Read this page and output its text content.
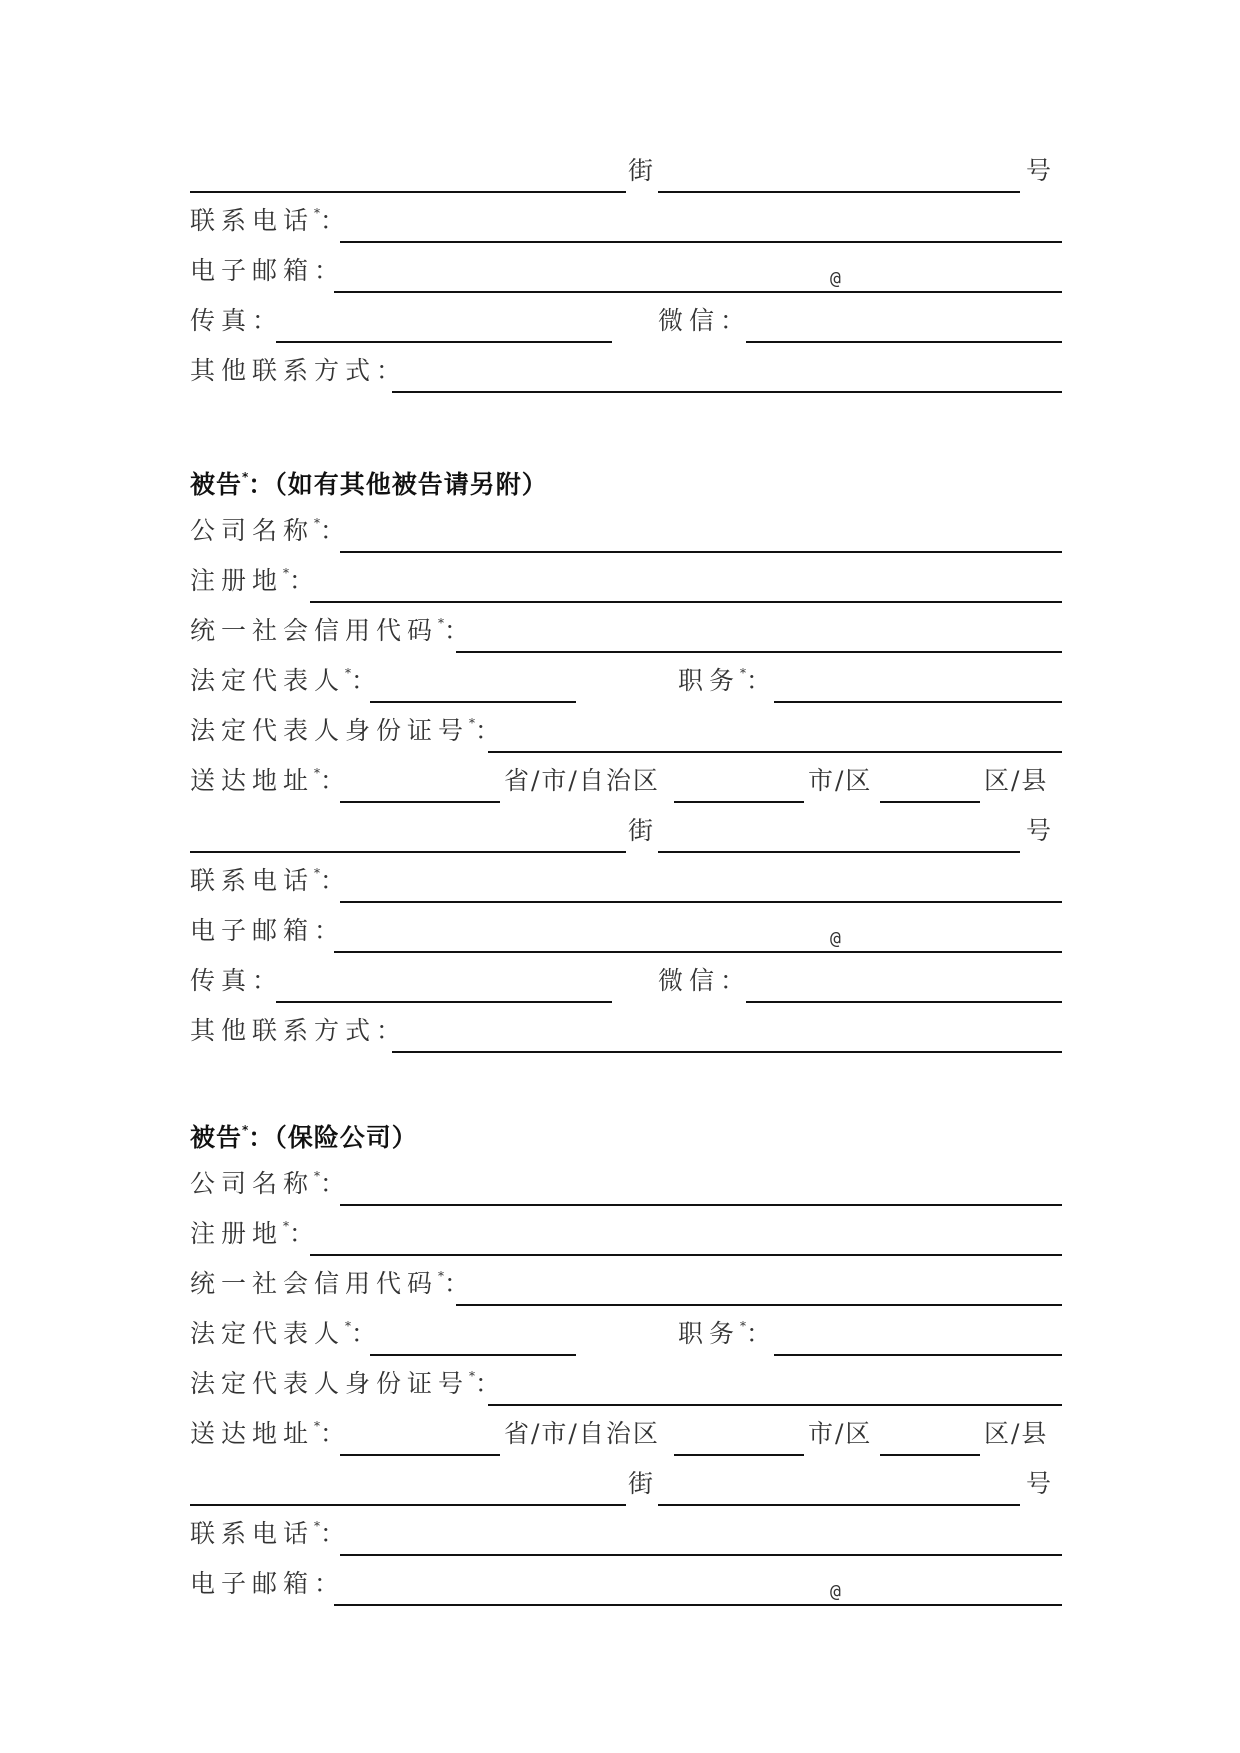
街	号
联系电话*：
电子邮箱：	@
传真：	微信：
其他联系方式：
被告*：（如有其他被告请另附）
公司名称*：
注册地*：
统一社会信用代码*：
法定代表人*：	职务*：
法定代表人身份证号*：
送达地址*：	省/市/自治区	市/区	区/县
街	号
联系电话*：
电子邮箱：	@
传真：	微信：
其他联系方式：
被告*：（保险公司）
公司名称*：
注册地*：
统一社会信用代码*：
法定代表人*：	职务*：
法定代表人身份证号*：
送达地址*：	省/市/自治区	市/区	区/县
街	号
联系电话*：
电子邮箱：	@
